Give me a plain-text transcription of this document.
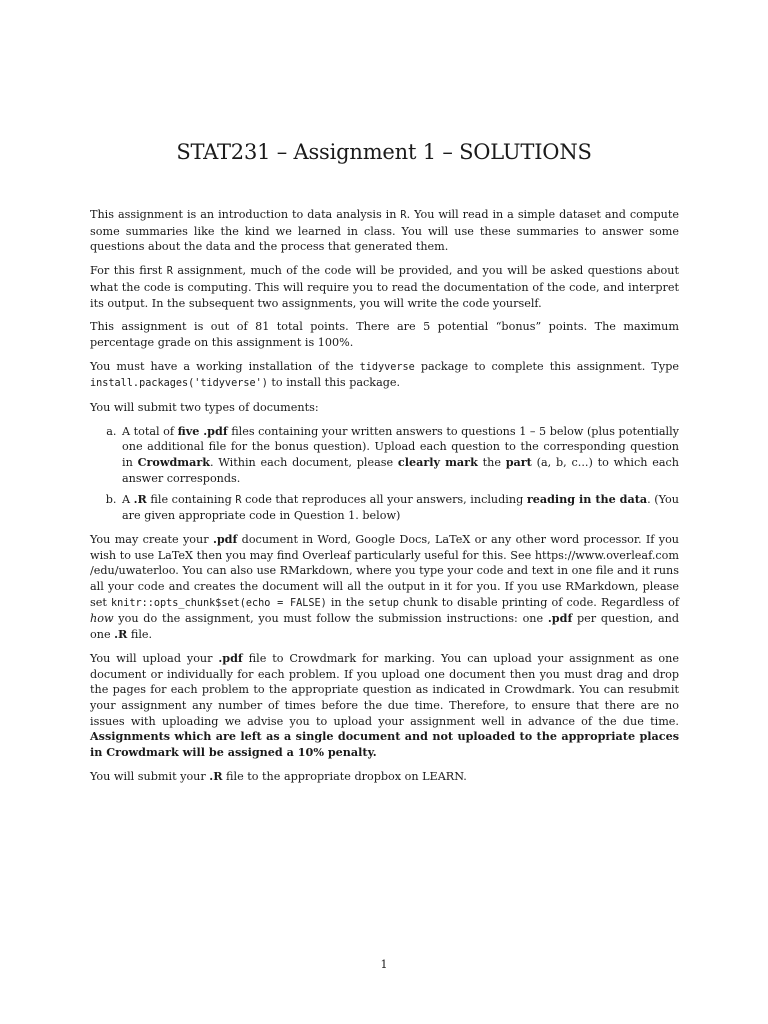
STAT231 – Assignment 1 – SOLUTIONS

This assignment is an introduction to data analysis in R. You will read in a simple dataset and compute some summaries like the kind we learned in class. You will use these summaries to answer some questions about the data and the process that generated them.

For this first R assignment, much of the code will be provided, and you will be asked questions about what the code is computing. This will require you to read the documentation of the code, and interpret its output. In the subsequent two assignments, you will write the code yourself.

This assignment is out of 81 total points. There are 5 potential “bonus” points. The maximum percentage grade on this assignment is 100%.

You must have a working installation of the tidyverse package to complete this assignment. Type install.packages('tidyverse') to install this package.

You will submit two types of documents:

a. A total of five .pdf files containing your written answers to questions 1 – 5 below (plus potentially one additional file for the bonus question). Upload each question to the corresponding question in Crowdmark. Within each document, please clearly mark the part (a, b, c...) to which each answer corresponds.
b. A .R file containing R code that reproduces all your answers, including reading in the data. (You are given appropriate code in Question 1. below)

You may create your .pdf document in Word, Google Docs, LaTeX or any other word processor. If you wish to use LaTeX then you may find Overleaf particularly useful for this. See https://www.overleaf.com /edu/uwaterloo. You can also use RMarkdown, where you type your code and text in one file and it runs all your code and creates the document will all the output in it for you. If you use RMarkdown, please set knitr::opts_chunk$set(echo = FALSE) in the setup chunk to disable printing of code. Regardless of how you do the assignment, you must follow the submission instructions: one .pdf per question, and one .R file.

You will upload your .pdf file to Crowdmark for marking. You can upload your assignment as one document or individually for each problem. If you upload one document then you must drag and drop the pages for each problem to the appropriate question as indicated in Crowdmark. You can resubmit your assignment any number of times before the due time. Therefore, to ensure that there are no issues with uploading we advise you to upload your assignment well in advance of the due time. Assignments which are left as a single document and not uploaded to the appropriate places in Crowdmark will be assigned a 10% penalty.

You will submit your .R file to the appropriate dropbox on LEARN.

1
